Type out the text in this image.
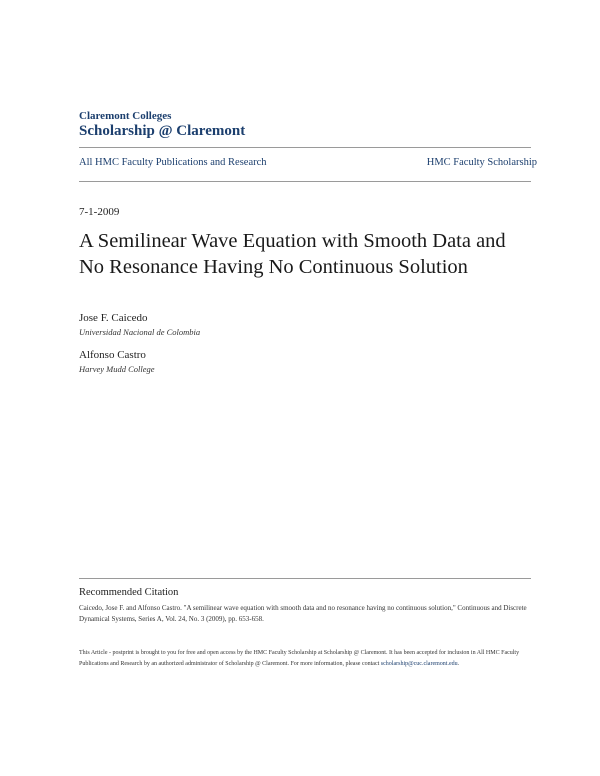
Claremont Colleges
Scholarship @ Claremont
All HMC Faculty Publications and Research	HMC Faculty Scholarship
7-1-2009
A Semilinear Wave Equation with Smooth Data and No Resonance Having No Continuous Solution
Jose F. Caicedo
Universidad Nacional de Colombia
Alfonso Castro
Harvey Mudd College
Recommended Citation
Caicedo, Jose F. and Alfonso Castro. "A semilinear wave equation with smooth data and no resonance having no continuous solution," Continuous and Discrete Dynamical Systems, Series A, Vol. 24, No. 3 (2009), pp. 653-658.
This Article - postprint is brought to you for free and open access by the HMC Faculty Scholarship at Scholarship @ Claremont. It has been accepted for inclusion in All HMC Faculty Publications and Research by an authorized administrator of Scholarship @ Claremont. For more information, please contact scholarship@cuc.claremont.edu.
